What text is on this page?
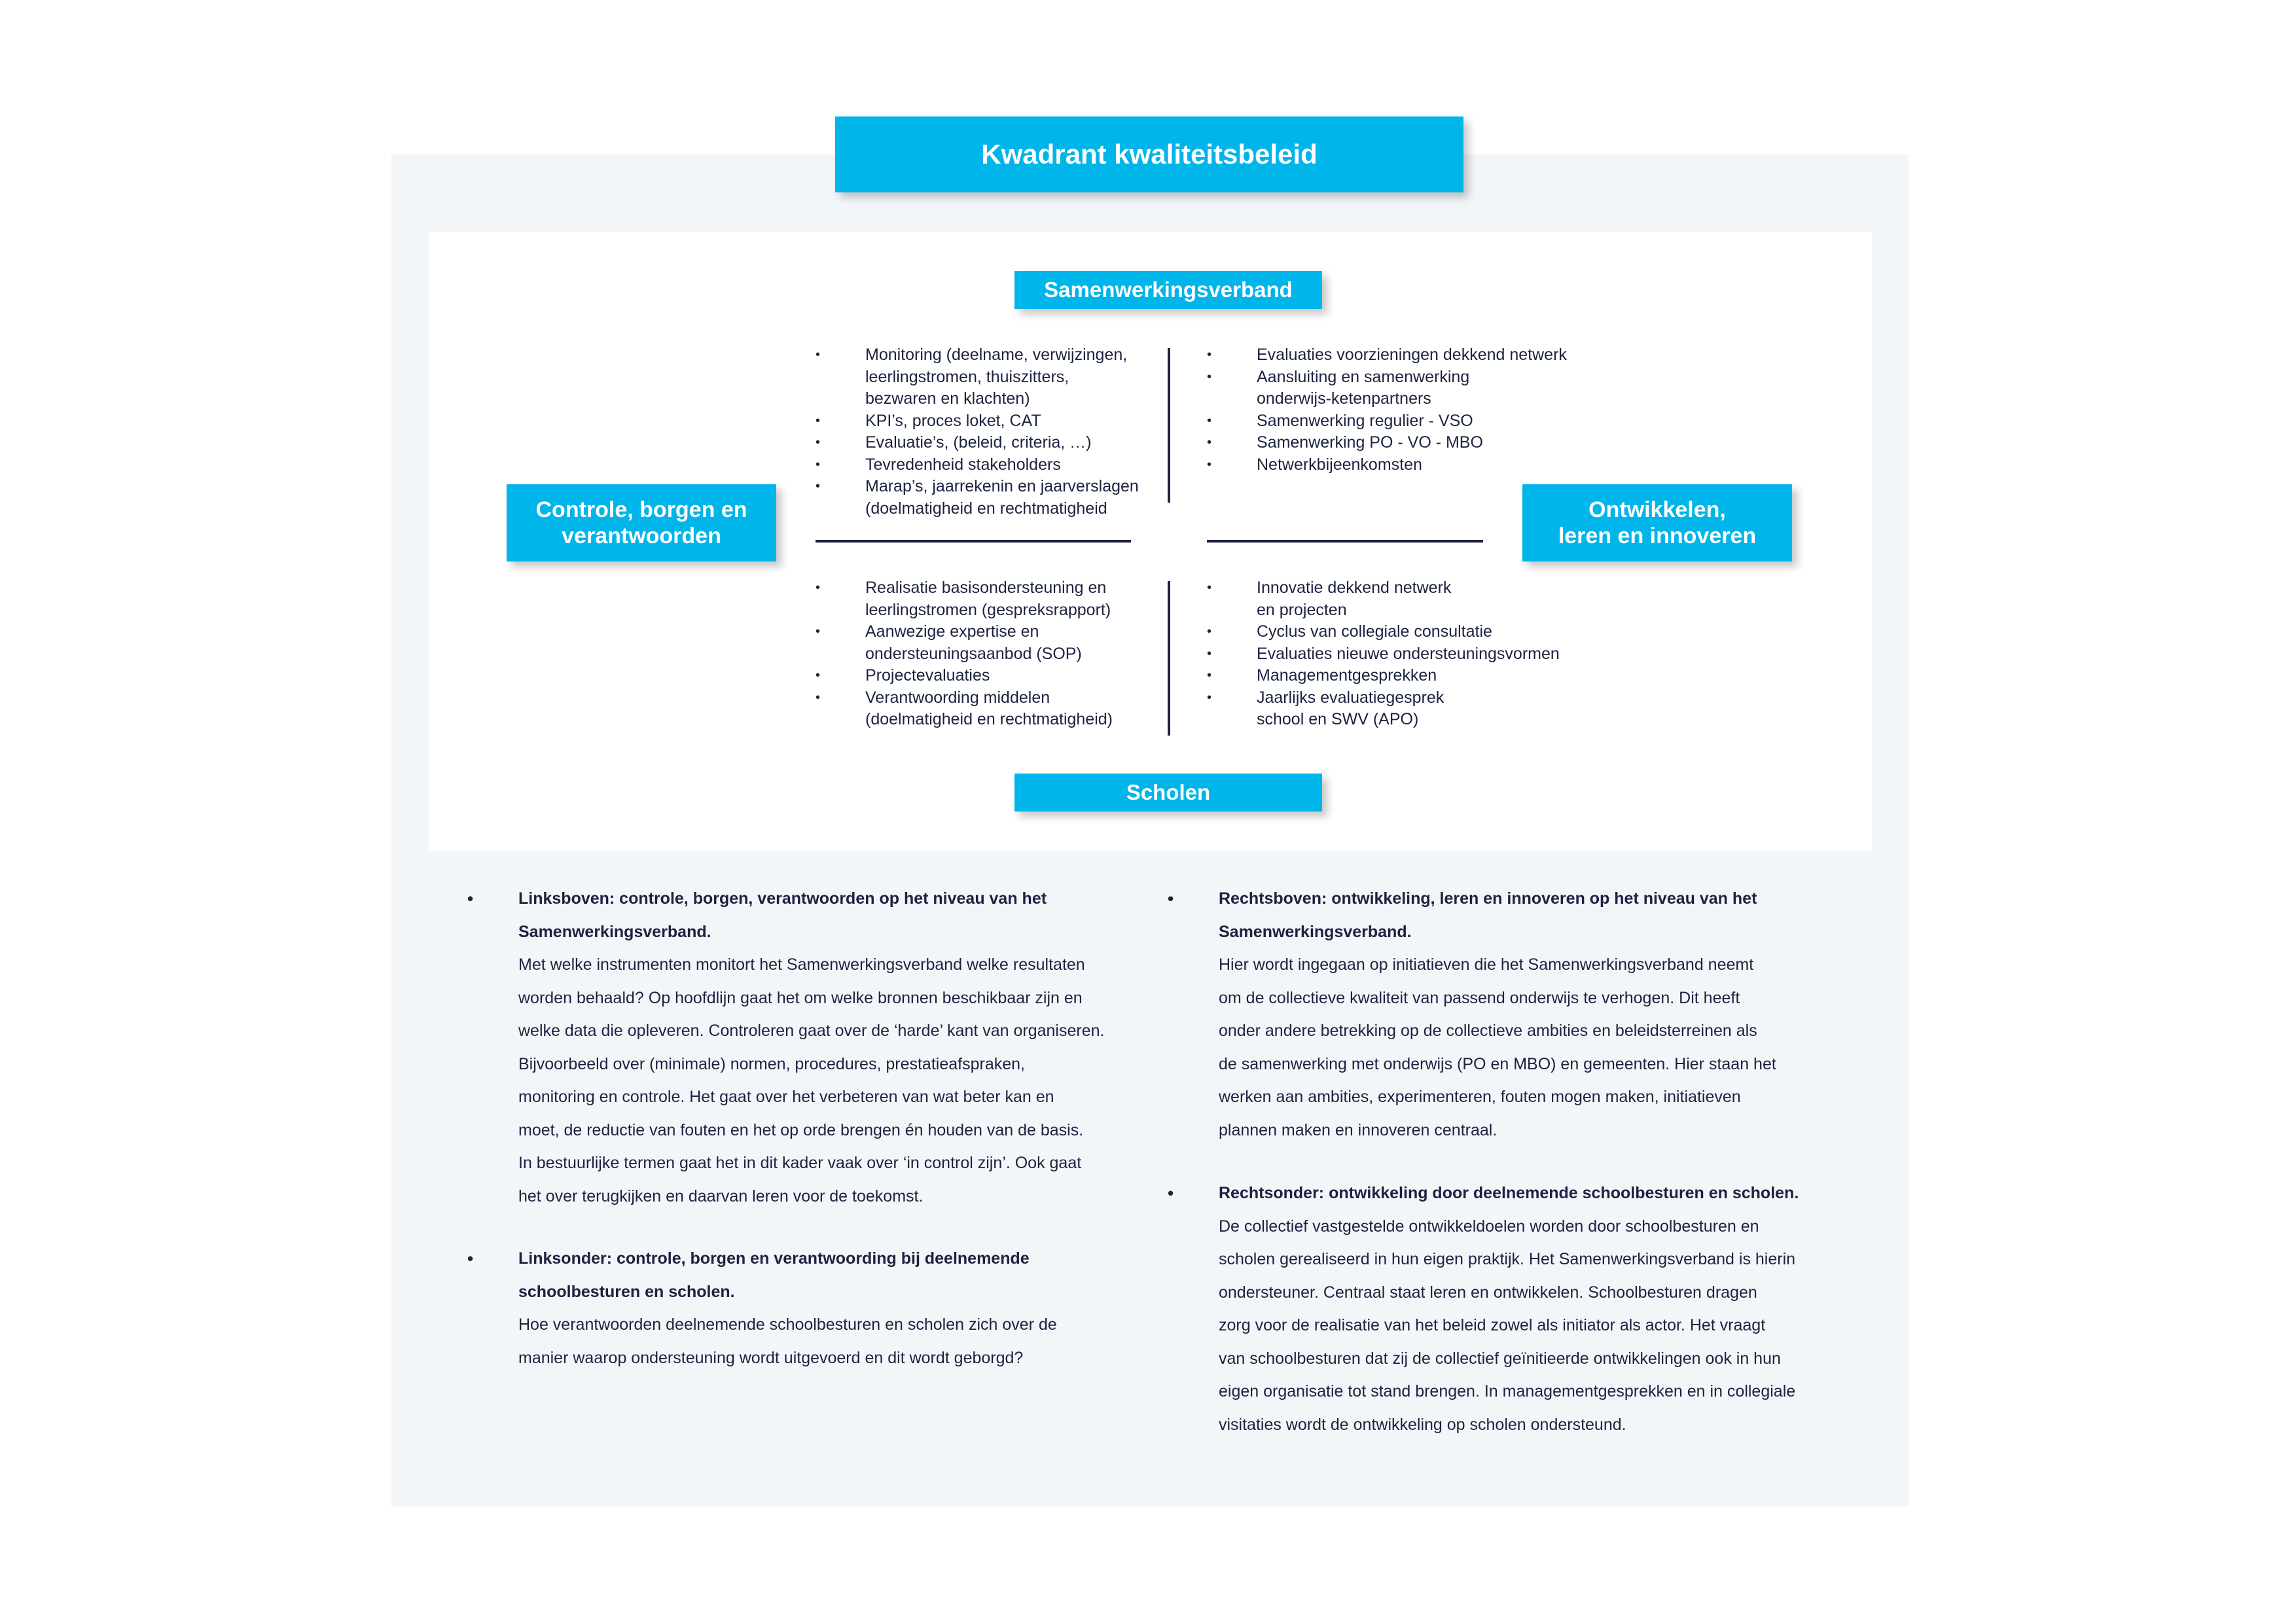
Kwadrant kwaliteitsbeleid
Samenwerkingsverband
Scholen
Controle, borgen en
verantwoorden
Ontwikkelen,
leren en innoveren
• Monitoring (deelname, verwijzingen,
leerlingstromen, thuiszitters,
bezwaren en klachten)
• KPI’s, proces loket, CAT
• Evaluatie’s, (beleid, criteria, …)
• Tevredenheid stakeholders
• Marap’s, jaarrekenin en jaarverslagen
(doelmatigheid en rechtmatigheid
• Evaluaties voorzieningen dekkend netwerk
• Aansluiting en samenwerking
onderwijs-ketenpartners
• Samenwerking regulier - VSO
• Samenwerking PO - VO - MBO
• Netwerkbijeenkomsten
• Realisatie basisondersteuning en
leerlingstromen (gespreksrapport)
• Aanwezige expertise en
ondersteuningsaanbod (SOP)
• Projectevaluaties
• Verantwoording middelen
(doelmatigheid en rechtmatigheid)
• Innovatie dekkend netwerk
en projecten
• Cyclus van collegiale consultatie
• Evaluaties nieuwe ondersteuningsvormen
• Managementgesprekken
• Jaarlijks evaluatiegesprek
school en SWV (APO)
•	Linksboven: controle, borgen, verantwoorden op het niveau van het
Samenwerkingsverband.
Met welke instrumenten monitort het Samenwerkingsverband welke resultaten
worden behaald? Op hoofdlijn gaat het om welke bronnen beschikbaar zijn en
welke data die opleveren. Controleren gaat over de ‘harde’ kant van organiseren.
Bijvoorbeeld over (minimale) normen, procedures, prestatieafspraken,
monitoring en controle. Het gaat over het verbeteren van wat beter kan en
moet, de reductie van fouten en het op orde brengen én houden van de basis.
In bestuurlijke termen gaat het in dit kader vaak over ‘in control zijn’. Ook gaat
het over terugkijken en daarvan leren voor de toekomst.
•	Linksonder: controle, borgen en verantwoording bij deelnemende
schoolbesturen en scholen.
Hoe verantwoorden deelnemende schoolbesturen en scholen zich over de
manier waarop ondersteuning wordt uitgevoerd en dit wordt geborgd?
•	Rechtsboven: ontwikkeling, leren en innoveren op het niveau van het
Samenwerkingsverband.
Hier wordt ingegaan op initiatieven die het Samenwerkingsverband neemt
om de collectieve kwaliteit van passend onderwijs te verhogen. Dit heeft
onder andere betrekking op de collectieve ambities en beleidsterreinen als
de samenwerking met onderwijs (PO en MBO) en gemeenten. Hier staan het
werken aan ambities, experimenteren, fouten mogen maken, initiatieven
plannen maken en innoveren centraal.
•	Rechtsonder: ontwikkeling door deelnemende schoolbesturen en scholen.
De collectief vastgestelde ontwikkeldoelen worden door schoolbesturen en
scholen gerealiseerd in hun eigen praktijk. Het Samenwerkingsverband is hierin
ondersteuner. Centraal staat leren en ontwikkelen. Schoolbesturen dragen
zorg voor de realisatie van het beleid zowel als initiator als actor. Het vraagt
van schoolbesturen dat zij de collectief geïnitieerde ontwikkelingen ook in hun
eigen organisatie tot stand brengen. In managementgesprekken en in collegiale
visitaties wordt de ontwikkeling op scholen ondersteund.
